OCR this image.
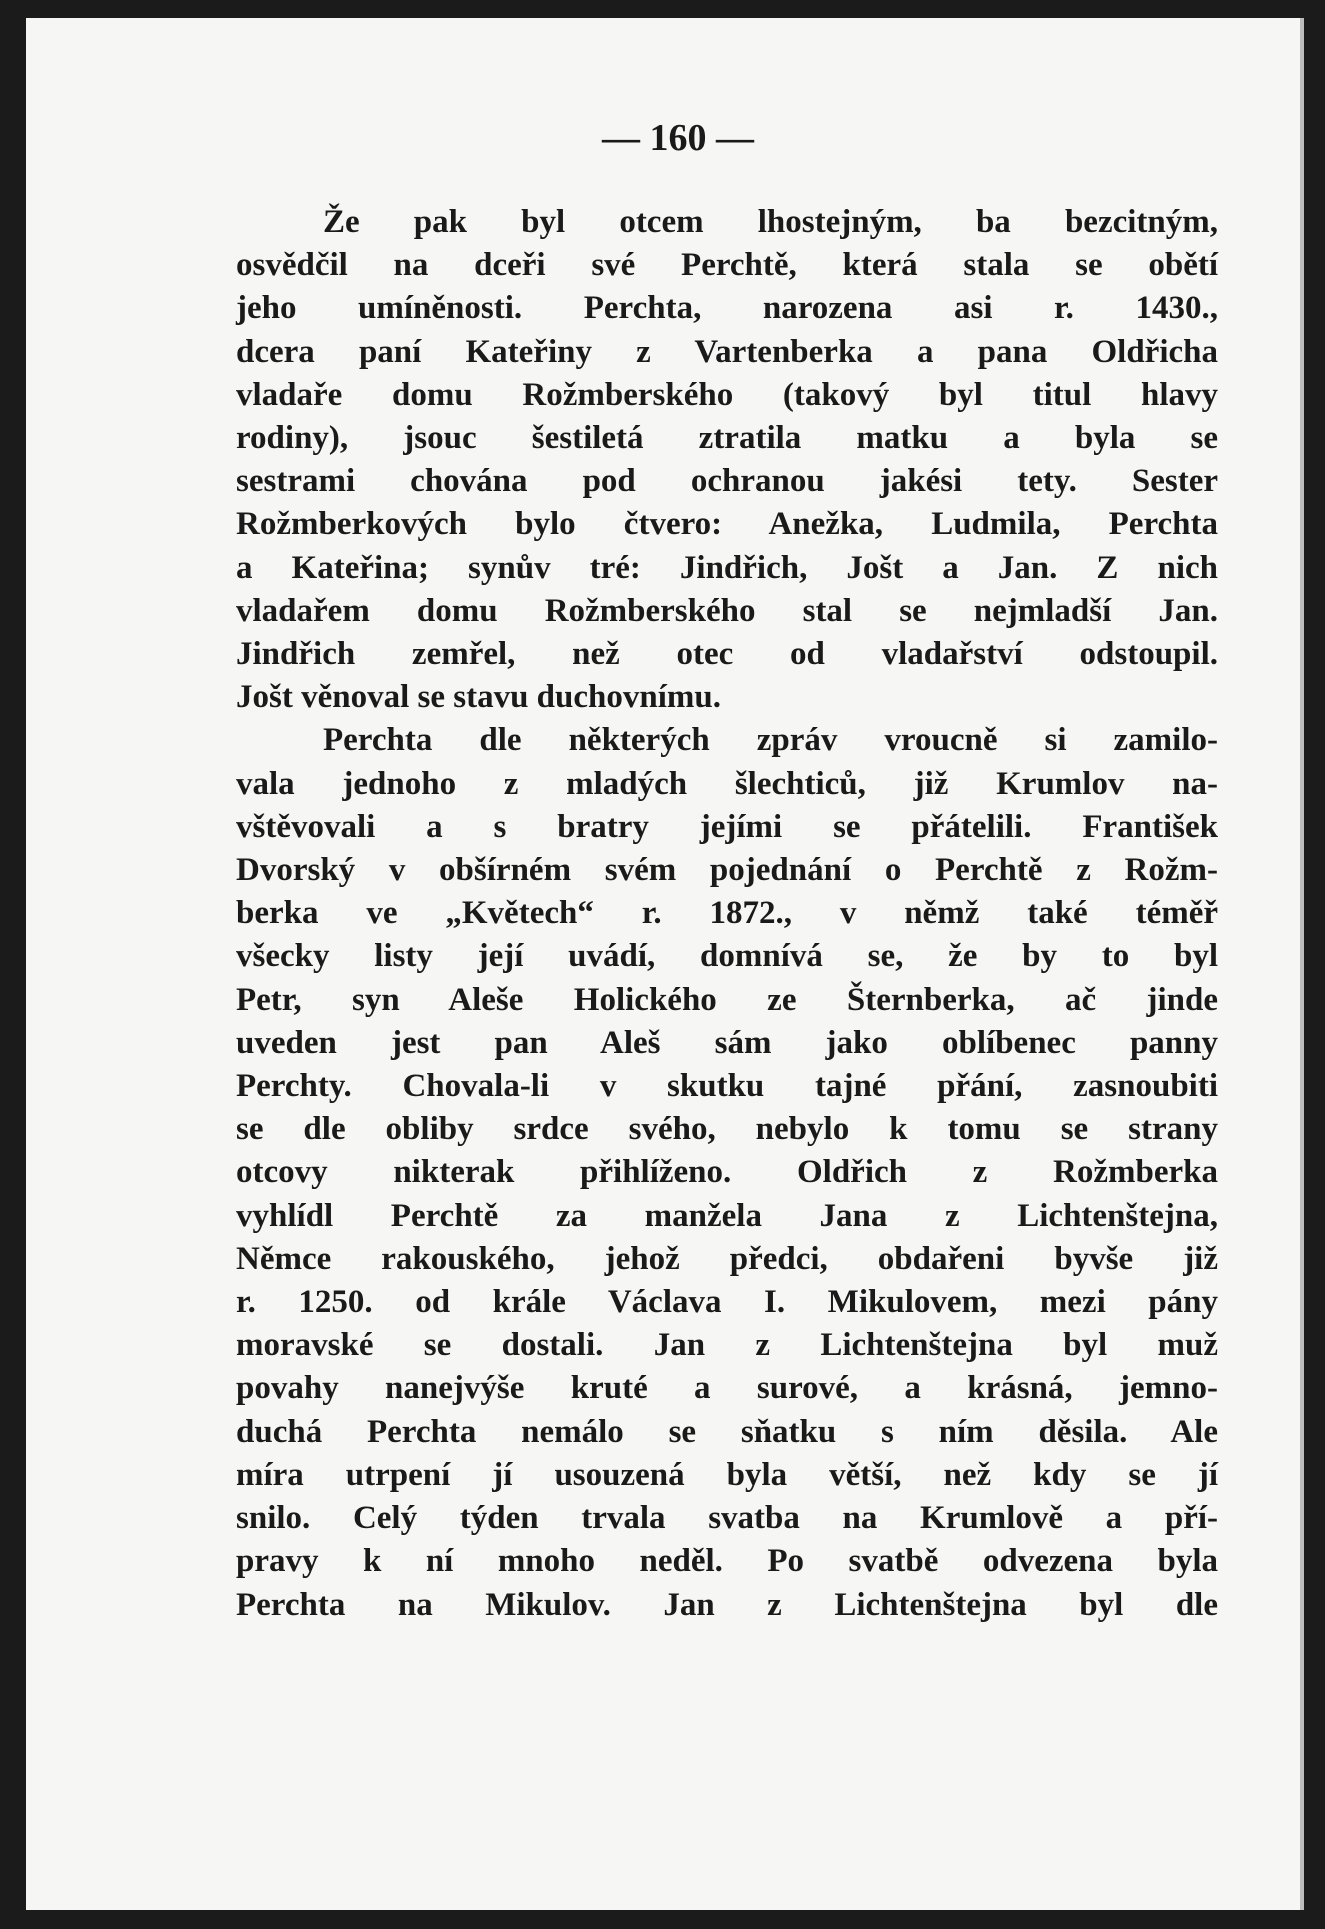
— 160 —
Že pak byl otcem lhostejným, ba bezcitným,
osvědčil na dceři své Perchtě, která stala se obětí
jeho umíněnosti. Perchta, narozena asi r. 1430.,
dcera paní Kateřiny z Vartenberka a pana Oldřicha
vladaře domu Rožmberského (takový byl titul hlavy
rodiny), jsouc šestiletá ztratila matku a byla se
sestrami chována pod ochranou jakési tety. Sester
Rožmberkových bylo čtvero: Anežka, Ludmila, Perchta
a Kateřina; synův tré: Jindřich, Jošt a Jan. Z nich
vladařem domu Rožmberského stal se nejmladší Jan.
Jindřich zemřel, než otec od vladařství odstoupil.
Jošt věnoval se stavu duchovnímu.
Perchta dle některých zpráv vroucně si zamilo-
vala jednoho z mladých šlechticů, již Krumlov na-
vštěvovali a s bratry jejími se přátelili. František
Dvorský v obšírném svém pojednání o Perchtě z Rožm-
berka ve „Květech“ r. 1872., v němž také téměř
všecky listy její uvádí, domnívá se, že by to byl
Petr, syn Aleše Holického ze Šternberka, ač jinde
uveden jest pan Aleš sám jako oblíbenec panny
Perchty. Chovala-li v skutku tajné přání, zasnoubiti
se dle obliby srdce svého, nebylo k tomu se strany
otcovy nikterak přihlíženo. Oldřich z Rožmberka
vyhlídl Perchtě za manžela Jana z Lichtenštejna,
Němce rakouského, jehož předci, obdařeni byvše již
r. 1250. od krále Václava I. Mikulovem, mezi pány
moravské se dostali. Jan z Lichtenštejna byl muž
povahy nanejvýše kruté a surové, a krásná, jemno-
duchá Perchta nemálo se sňatku s ním děsila. Ale
míra utrpení jí usouzená byla větší, než kdy se jí
snilo. Celý týden trvala svatba na Krumlově a pří-
pravy k ní mnoho neděl. Po svatbě odvezena byla
Perchta na Mikulov. Jan z Lichtenštejna byl dle
